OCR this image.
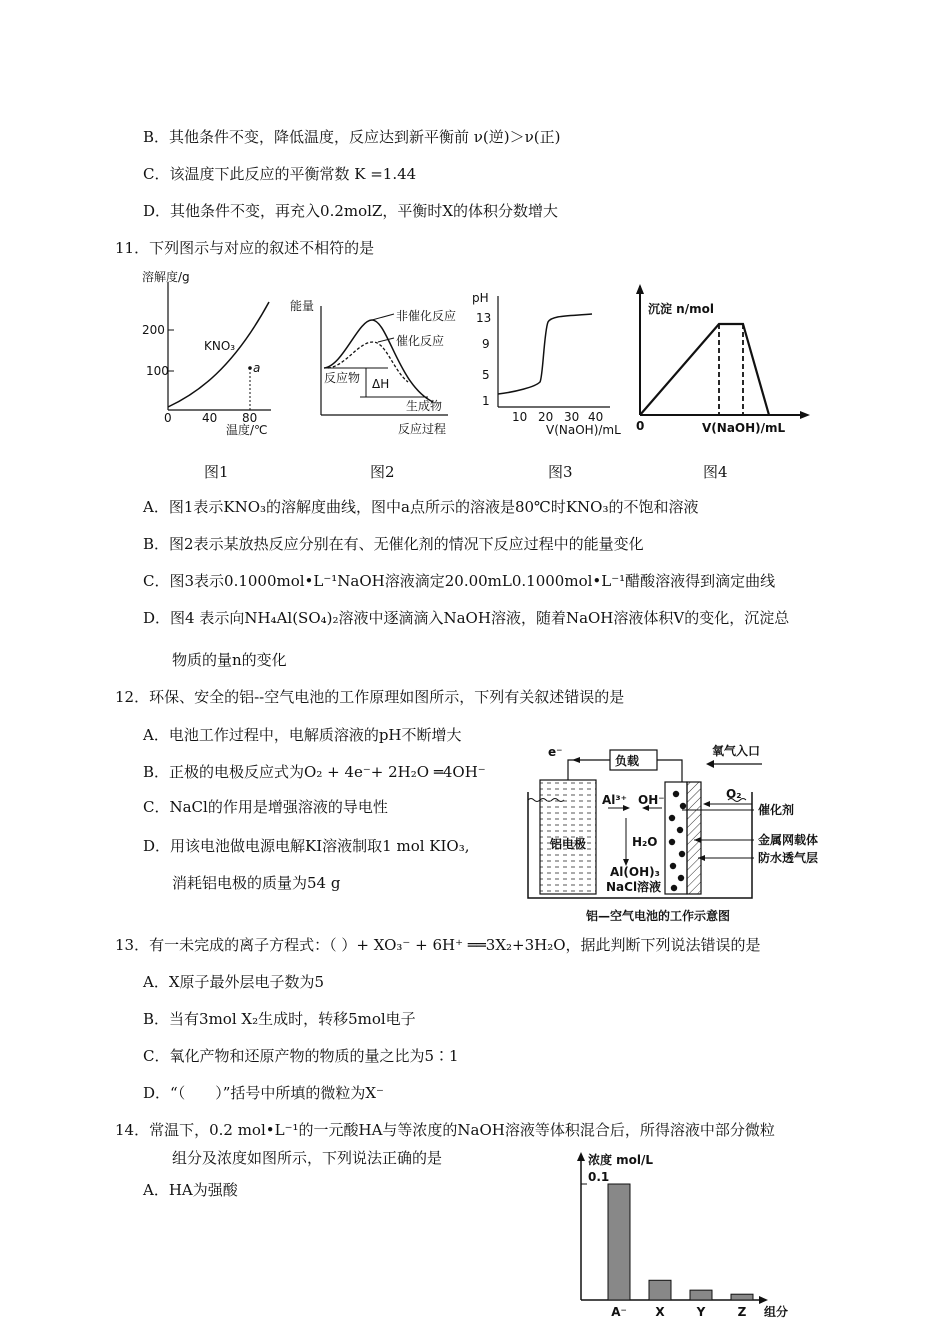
B．其他条件不变，降低温度，反应达到新平衡前 ν(逆)＞ν(正)
C．该温度下此反应的平衡常数 K =1.44
D．其他条件不变，再充入0.2molZ，平衡时X的体积分数增大
11．下列图示与对应的叙述不相符的是
溶解度/g
200
100
KNO₃
a
0	40 80
温度/℃
能量
非催化反应
催化反应
反应物 ΔH
生成物
反应过程
pH
13
9
5
1
10 20 30 40
V(NaOH)/mL
沉淀 n/mol
0	V(NaOH)/mL
图1	图2	图3	图4
A．图1表示KNO₃的溶解度曲线，图中a点所示的溶液是80℃时KNO₃的不饱和溶液
B．图2表示某放热反应分别在有、无催化剂的情况下反应过程中的能量变化
C．图3表示0.1000mol•L⁻¹NaOH溶液滴定20.00mL0.1000mol•L⁻¹醋酸溶液得到滴定曲线
D．图4 表示向NH₄Al(SO₄)₂溶液中逐滴滴入NaOH溶液，随着NaOH溶液体积V的变化，沉淀总
物质的量n的变化
12．环保、安全的铝--空气电池的工作原理如图所示，下列有关叙述错误的是
A．电池工作过程中，电解质溶液的pH不断增大
B．正极的电极反应式为O₂ + 4e⁻+ 2H₂O ═4OH⁻
C．NaCl的作用是增强溶液的导电性
D．用该电池做电源电解KI溶液制取1 mol KIO₃,
消耗铝电极的质量为54 g
负载
e⁻	氧气入口
O₂
催化剂
金属网载体
防水透气层
Al³⁺ OH⁻
H₂O
Al(OH)₃
NaCl溶液
铝电极
铝—空气电池的工作示意图
13．有一未完成的离子方程式：（ ）+ XO₃⁻ + 6H⁺ ══3X₂+3H₂O，据此判断下列说法错误的是
A．X原子最外层电子数为5
B．当有3mol X₂生成时，转移5mol电子
C．氧化产物和还原产物的物质的量之比为5∶1
D．“（　　）”括号中所填的微粒为X⁻
14．常温下，0.2 mol•L⁻¹的一元酸HA与等浓度的NaOH溶液等体积混合后，所得溶液中部分微粒
组分及浓度如图所示，下列说法正确的是
A．HA为强酸
浓度 mol/L
0.1
组分
A⁻ X	Y	Z
